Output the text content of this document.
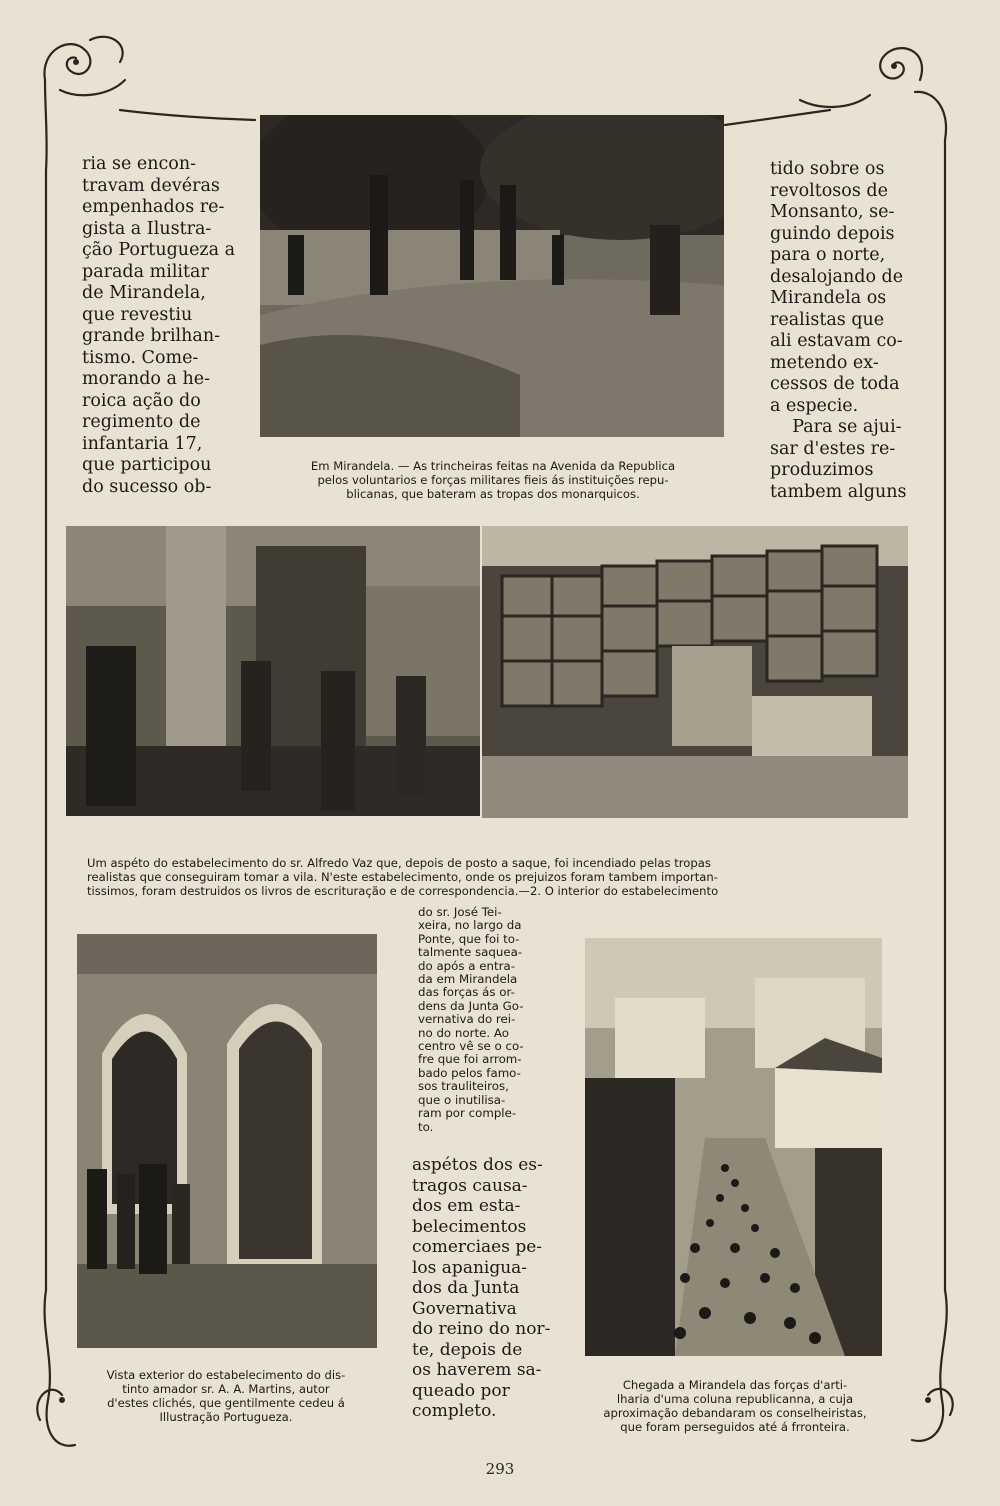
ria se encon-
travam devéras
empenhados re-
gista a Ilustra-
ção Portugueza a
parada militar
de Mirandela,
que revestiu
grande brilhan-
tismo. Come-
morando a he-
roica ação do
regimento de
infantaria 17,
que participou
do sucesso ob-
tido sobre os
revoltosos de
Monsanto, se-
guindo depois
para o norte,
desalojando de
Mirandela os
realistas que
ali estavam co-
metendo ex-
cessos de toda
a especie.
Para se ajui-
sar d'estes re-
produzimos
tambem alguns
Em Mirandela. — As trincheiras feitas na Avenida da Republica
pelos voluntarios e forças militares fieis ás instituições repu-
blicanas, que bateram as tropas dos monarquicos.
Um aspéto do estabelecimento do sr. Alfredo Vaz que, depois de posto a saque, foi incendiado pelas tropas
realistas que conseguiram tomar a vila. N'este estabelecimento, onde os prejuizos foram tambem importan-
tissimos, foram destruidos os livros de escrituração e de correspondencia.—2. O interior do estabelecimento
do sr. José Tei-
xeira, no largo da
Ponte, que foi to-
talmente saquea-
do após a entra-
da em Mirandela
das forças ás or-
dens da Junta Go-
vernativa do rei-
no do norte. Ao
centro vê se o co-
fre que foi arrom-
bado pelos famo-
sos trauliteiros,
que o inutilisa-
ram por comple-
to.
aspétos dos es-
tragos causa-
dos em esta-
belecimentos
comerciaes pe-
los apanigua-
dos da Junta
Governativa
do reino do nor-
te, depois de
os haverem sa-
queado por
completo.
Vista exterior do estabelecimento do dis-
tinto amador sr. A. A. Martins, autor
d'estes clichés, que gentilmente cedeu á
Illustração Portugueza.
Chegada a Mirandela das forças d'arti-
lharia d'uma coluna republicanna, a cuja
aproximação debandaram os conselheiristas,
que foram perseguidos até á frronteira.
293
